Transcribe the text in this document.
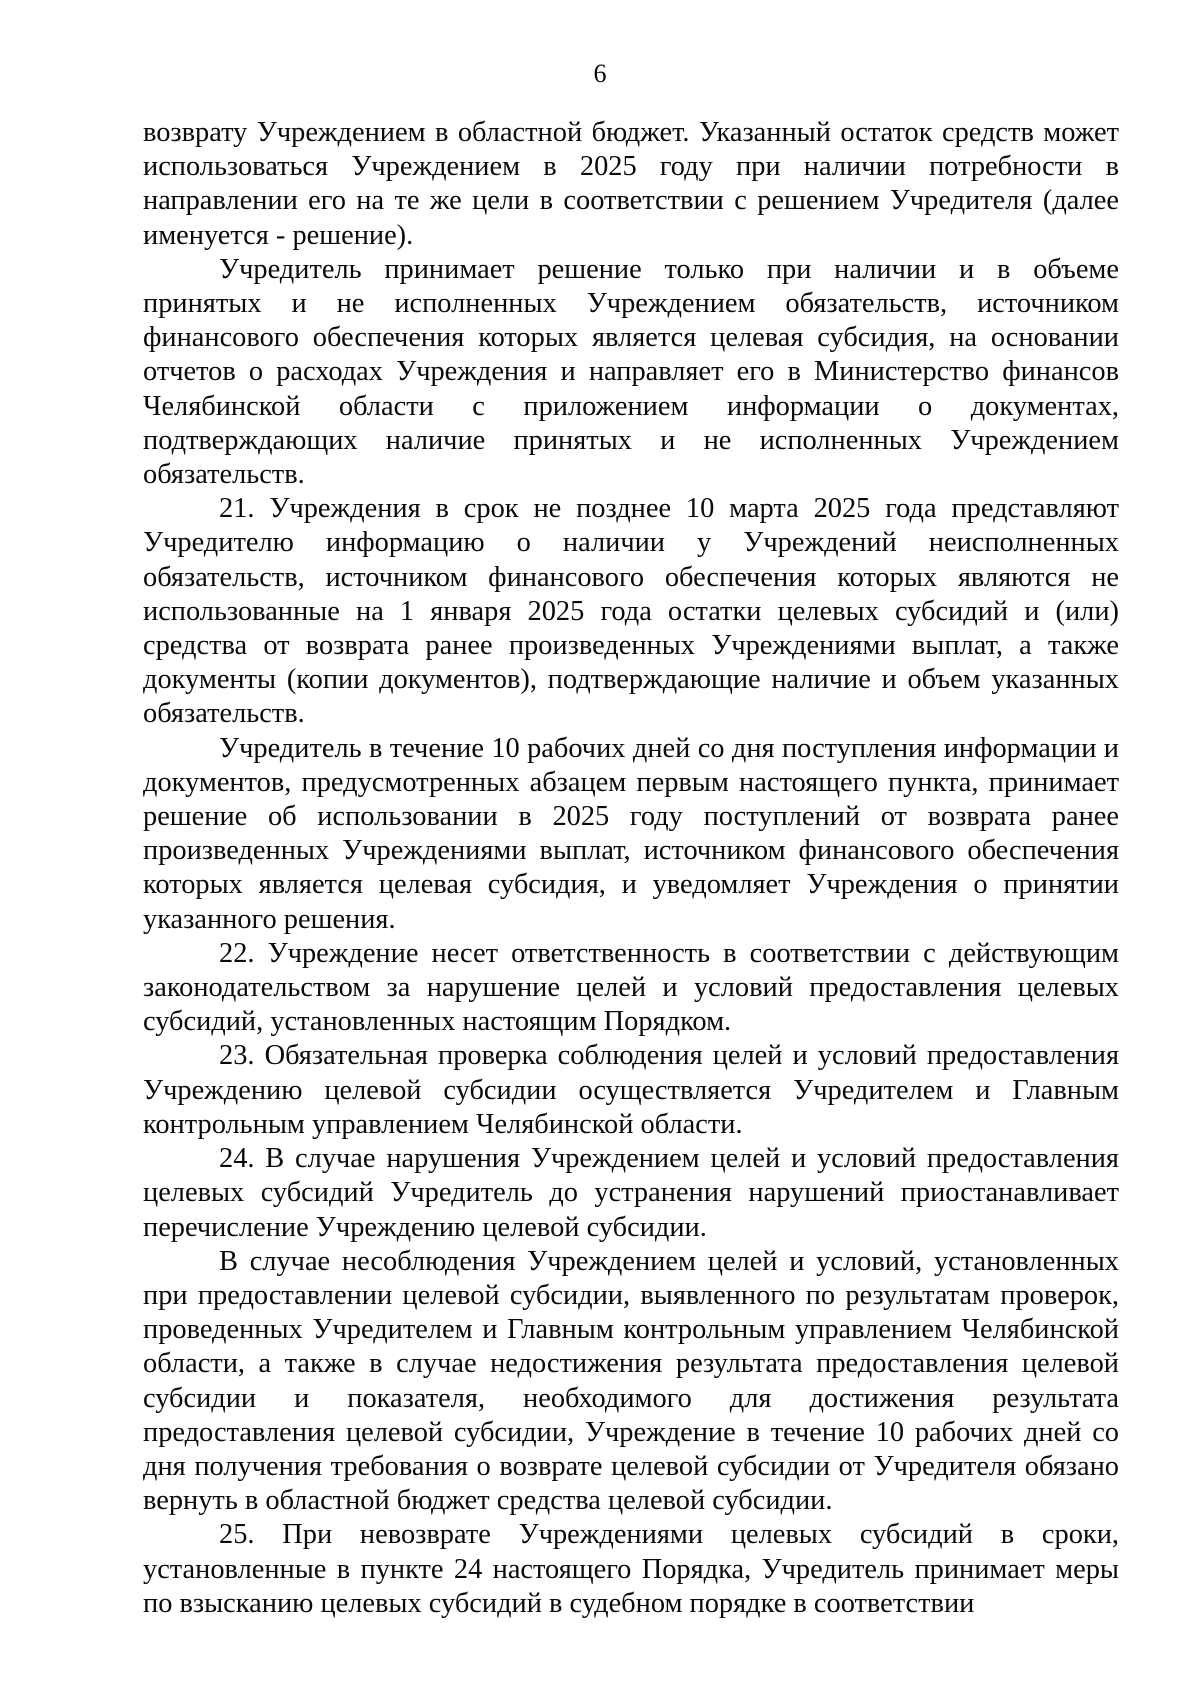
6

возврату Учреждением в областной бюджет. Указанный остаток средств может использоваться Учреждением в 2025 году при наличии потребности в направлении его на те же цели в соответствии с решением Учредителя (далее именуется - решение).

Учредитель принимает решение только при наличии и в объеме принятых и не исполненных Учреждением обязательств, источником финансового обеспечения которых является целевая субсидия, на основании отчетов о расходах Учреждения и направляет его в Министерство финансов Челябинской области с приложением информации о документах, подтверждающих наличие принятых и не исполненных Учреждением обязательств.

21. Учреждения в срок не позднее 10 марта 2025 года представляют Учредителю информацию о наличии у Учреждений неисполненных обязательств, источником финансового обеспечения которых являются не использованные на 1 января 2025 года остатки целевых субсидий и (или) средства от возврата ранее произведенных Учреждениями выплат, а также документы (копии документов), подтверждающие наличие и объем указанных обязательств.

Учредитель в течение 10 рабочих дней со дня поступления информации и документов, предусмотренных абзацем первым настоящего пункта, принимает решение об использовании в 2025 году поступлений от возврата ранее произведенных Учреждениями выплат, источником финансового обеспечения которых является целевая субсидия, и уведомляет Учреждения о принятии указанного решения.

22. Учреждение несет ответственность в соответствии с действующим законодательством за нарушение целей и условий предоставления целевых субсидий, установленных настоящим Порядком.

23. Обязательная проверка соблюдения целей и условий предоставления Учреждению целевой субсидии осуществляется Учредителем и Главным контрольным управлением Челябинской области.

24. В случае нарушения Учреждением целей и условий предоставления целевых субсидий Учредитель до устранения нарушений приостанавливает перечисление Учреждению целевой субсидии.

В случае несоблюдения Учреждением целей и условий, установленных при предоставлении целевой субсидии, выявленного по результатам проверок, проведенных Учредителем и Главным контрольным управлением Челябинской области, а также в случае недостижения результата предоставления целевой субсидии и показателя, необходимого для достижения результата предоставления целевой субсидии, Учреждение в течение 10 рабочих дней со дня получения требования о возврате целевой субсидии от Учредителя обязано вернуть в областной бюджет средства целевой субсидии.

25. При невозврате Учреждениями целевых субсидий в сроки, установленные в пункте 24 настоящего Порядка, Учредитель принимает меры по взысканию целевых субсидий в судебном порядке в соответствии
